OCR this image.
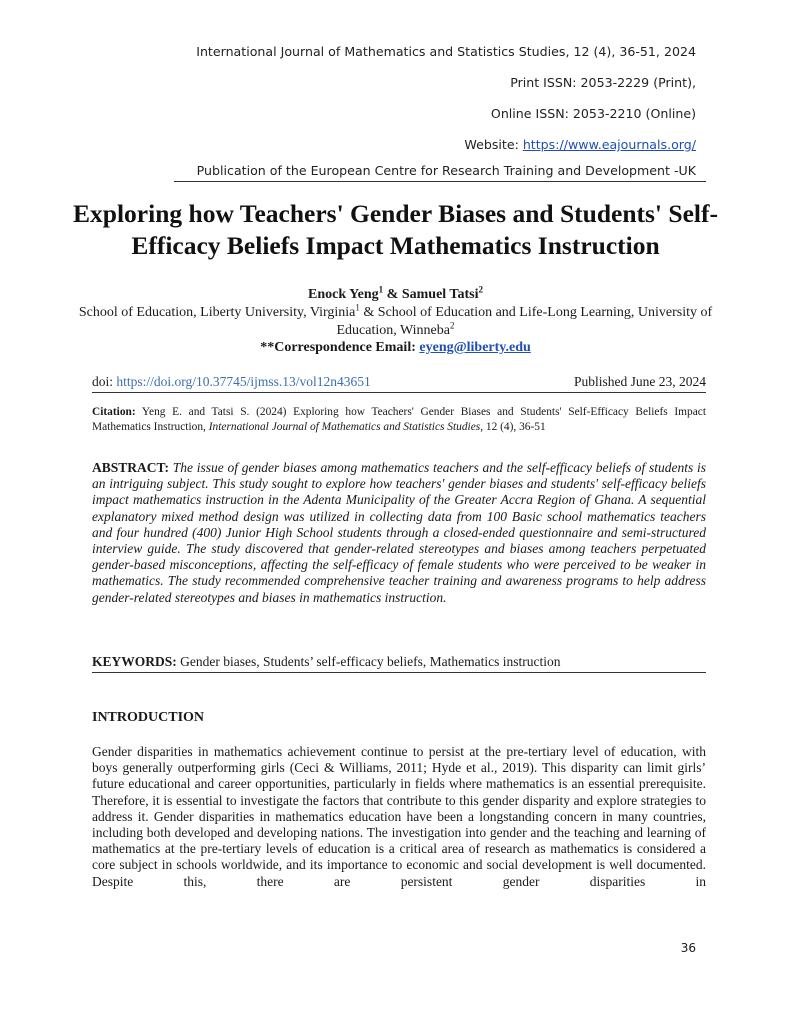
International Journal of Mathematics and Statistics Studies, 12 (4), 36-51, 2024
Print ISSN: 2053-2229 (Print),
Online ISSN: 2053-2210 (Online)
Website: https://www.eajournals.org/
Publication of the European Centre for Research Training and Development -UK
Exploring how Teachers' Gender Biases and Students' Self-Efficacy Beliefs Impact Mathematics Instruction
Enock Yeng$^1$ & Samuel Tatsi$^2$
School of Education, Liberty University, Virginia$^1$ & School of Education and Life-Long Learning, University of Education, Winneba$^2$
**Correspondence Email: eyeng@liberty.edu
doi: https://doi.org/10.37745/ijmss.13/vol12n43651	Published June 23, 2024
Citation: Yeng E. and Tatsi S. (2024) Exploring how Teachers' Gender Biases and Students' Self-Efficacy Beliefs Impact Mathematics Instruction, International Journal of Mathematics and Statistics Studies, 12 (4), 36-51
ABSTRACT: The issue of gender biases among mathematics teachers and the self-efficacy beliefs of students is an intriguing subject. This study sought to explore how teachers' gender biases and students' self-efficacy beliefs impact mathematics instruction in the Adenta Municipality of the Greater Accra Region of Ghana. A sequential explanatory mixed method design was utilized in collecting data from 100 Basic school mathematics teachers and four hundred (400) Junior High School students through a closed-ended questionnaire and semi-structured interview guide. The study discovered that gender-related stereotypes and biases among teachers perpetuated gender-based misconceptions, affecting the self-efficacy of female students who were perceived to be weaker in mathematics. The study recommended comprehensive teacher training and awareness programs to help address gender-related stereotypes and biases in mathematics instruction.
KEYWORDS: Gender biases, Students’ self-efficacy beliefs, Mathematics instruction
INTRODUCTION
Gender disparities in mathematics achievement continue to persist at the pre-tertiary level of education, with boys generally outperforming girls (Ceci & Williams, 2011; Hyde et al., 2019). This disparity can limit girls’ future educational and career opportunities, particularly in fields where mathematics is an essential prerequisite. Therefore, it is essential to investigate the factors that contribute to this gender disparity and explore strategies to address it. Gender disparities in mathematics education have been a longstanding concern in many countries, including both developed and developing nations. The investigation into gender and the teaching and learning of mathematics at the pre-tertiary levels of education is a critical area of research as mathematics is considered a core subject in schools worldwide, and its importance to economic and social development is well documented. Despite this, there are persistent gender disparities in
36
